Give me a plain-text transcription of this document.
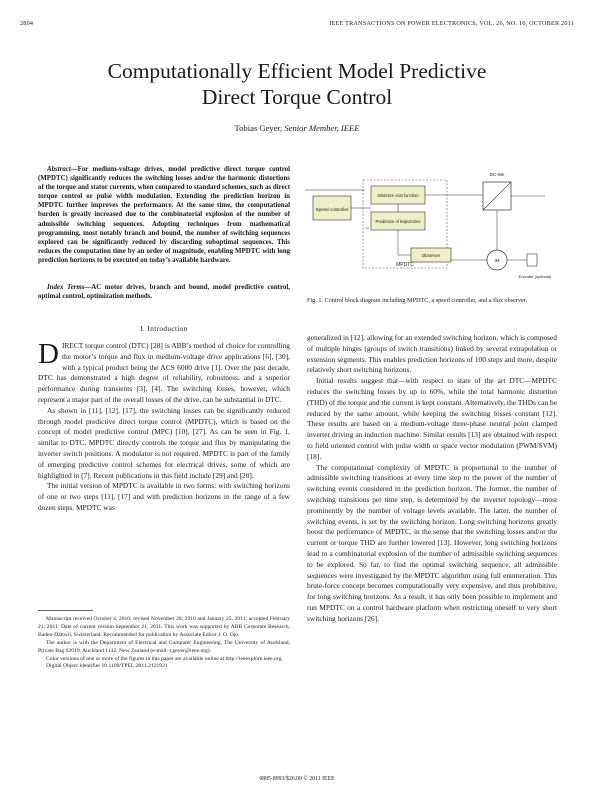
2804	IEEE TRANSACTIONS ON POWER ELECTRONICS, VOL. 26, NO. 10, OCTOBER 2011
Computationally Efficient Model Predictive
Direct Torque Control
Tobias Geyer, Senior Member, IEEE
Abstract—For medium-voltage drives, model predictive direct torque control (MPDTC) significantly reduces the switching losses and/or the harmonic distortions of the torque and stator currents, when compared to standard schemes, such as direct torque control or pulse width modulation. Extending the prediction horizon in MPDTC further improves the performance. At the same time, the computational burden is greatly increased due to the combinatorial explosion of the number of admissible switching sequences. Adopting techniques from mathematical programming, most notably branch and bound, the number of switching sequences explored can be significantly reduced by discarding suboptimal sequences. This reduces the computation time by an order of magnitude, enabling MPDTC with long prediction horizons to be executed on today’s available hardware.
Index Terms—AC motor drives, branch and bound, model predictive control, optimal control, optimization methods.
I. Introduction

DIRECT torque control (DTC) [28] is ABB’s method of choice for controlling the motor’s torque and flux in medium-voltage drive applications [6], [30], with a typical product being the ACS 6000 drive [1]. Over the past decade, DTC has demonstrated a high degree of reliability, robustness, and a superior performance during transients [3], [4]. The switching losses, however, which represent a major part of the overall losses of the drive, can be substantial in DTC.

As shown in [11], [12], [17], the switching losses can be significantly reduced through model predictive direct torque control (MPDTC), which is based on the concept of model predictive control (MPC) [10], [27]. As can be seen in Fig. 1, similar to DTC, MPDTC directly controls the torque and flux by manipulating the inverter switch positions. A modulator is not required. MPDTC is part of the family of emerging predictive control schemes for electrical drives, some of which are highlighted in [7]. Recent publications in this field include [29] and [20].

The initial version of MPDTC is available in two forms: with switching horizons of one or two steps [11], [17] and with prediction horizons in the range of a few dozen steps. MPDTC was

Manuscript received October 4, 2010; revised November 28, 2010 and January 25, 2011; accepted February 21, 2011. Date of current version September 21, 2011. This work was supported by ABB Corporate Research, Baden-Dättwil, Switzerland. Recommended for publication by Associate Editor J. O. Ojo.

The author is with the Department of Electrical and Computer Engineering, The University of Auckland, Private Bag 92019, Auckland 1142, New Zealand (e-mail: t.geyer@ieee.org).

Color versions of one or more of the figures in this paper are available online at http://ieeexplore.ieee.org.

Digital Object Identifier 10.1109/TPEL.2011.2121921

MPDTC
Speed controller
Minimize cost function
Prediction of trajectories
Observer
DC-link
IM
Encoder (optional)
Fig. 1. Control block diagram including MPDTC, a speed controller, and a flux observer.

generalized in [12], allowing for an extended switching horizon, which is composed of multiple hinges (groups of switch transitions) linked by several extrapolation or extension segments. This enables prediction horizons of 100 steps and more, despite relatively short switching horizons.

Initial results suggest that—with respect to state of the art DTC—MPDTC reduces the switching losses by up to 60%, while the total harmonic distortion (THD) of the torque and the current is kept constant. Alternatively, the THDs can be reduced by the same amount, while keeping the switching losses constant [12]. These results are based on a medium-voltage three-phase neutral point clamped inverter driving an induction machine. Similar results [13] are obtained with respect to field oriented control with pulse width or space vector modulation (PWM/SVM) [18].

The computational complexity of MPDTC is proportional to the number of admissible switching transitions at every time step to the power of the number of switching events considered in the prediction horizon. The former, the number of switching transitions per time step, is determined by the inverter topology—most prominently by the number of voltage levels available. The latter, the number of switching events, is set by the switching horizon. Long switching horizons greatly boost the performance of MPDTC, in the sense that the switching losses and/or the current or torque THD are further lowered [13]. However, long switching horizons lead to a combinatorial explosion of the number of admissible switching sequences to be explored. So far, to find the optimal switching sequence, all admissible sequences were investigated by the MPDTC algorithm using full enumeration. This brute-force concept becomes computationally very expensive, and thus prohibitive, for long switching horizons. As a result, it has only been possible to implement and run MPDTC on a control hardware platform when restricting oneself to very short switching horizons [26].

0885-8993/$26.00 © 2011 IEEE
